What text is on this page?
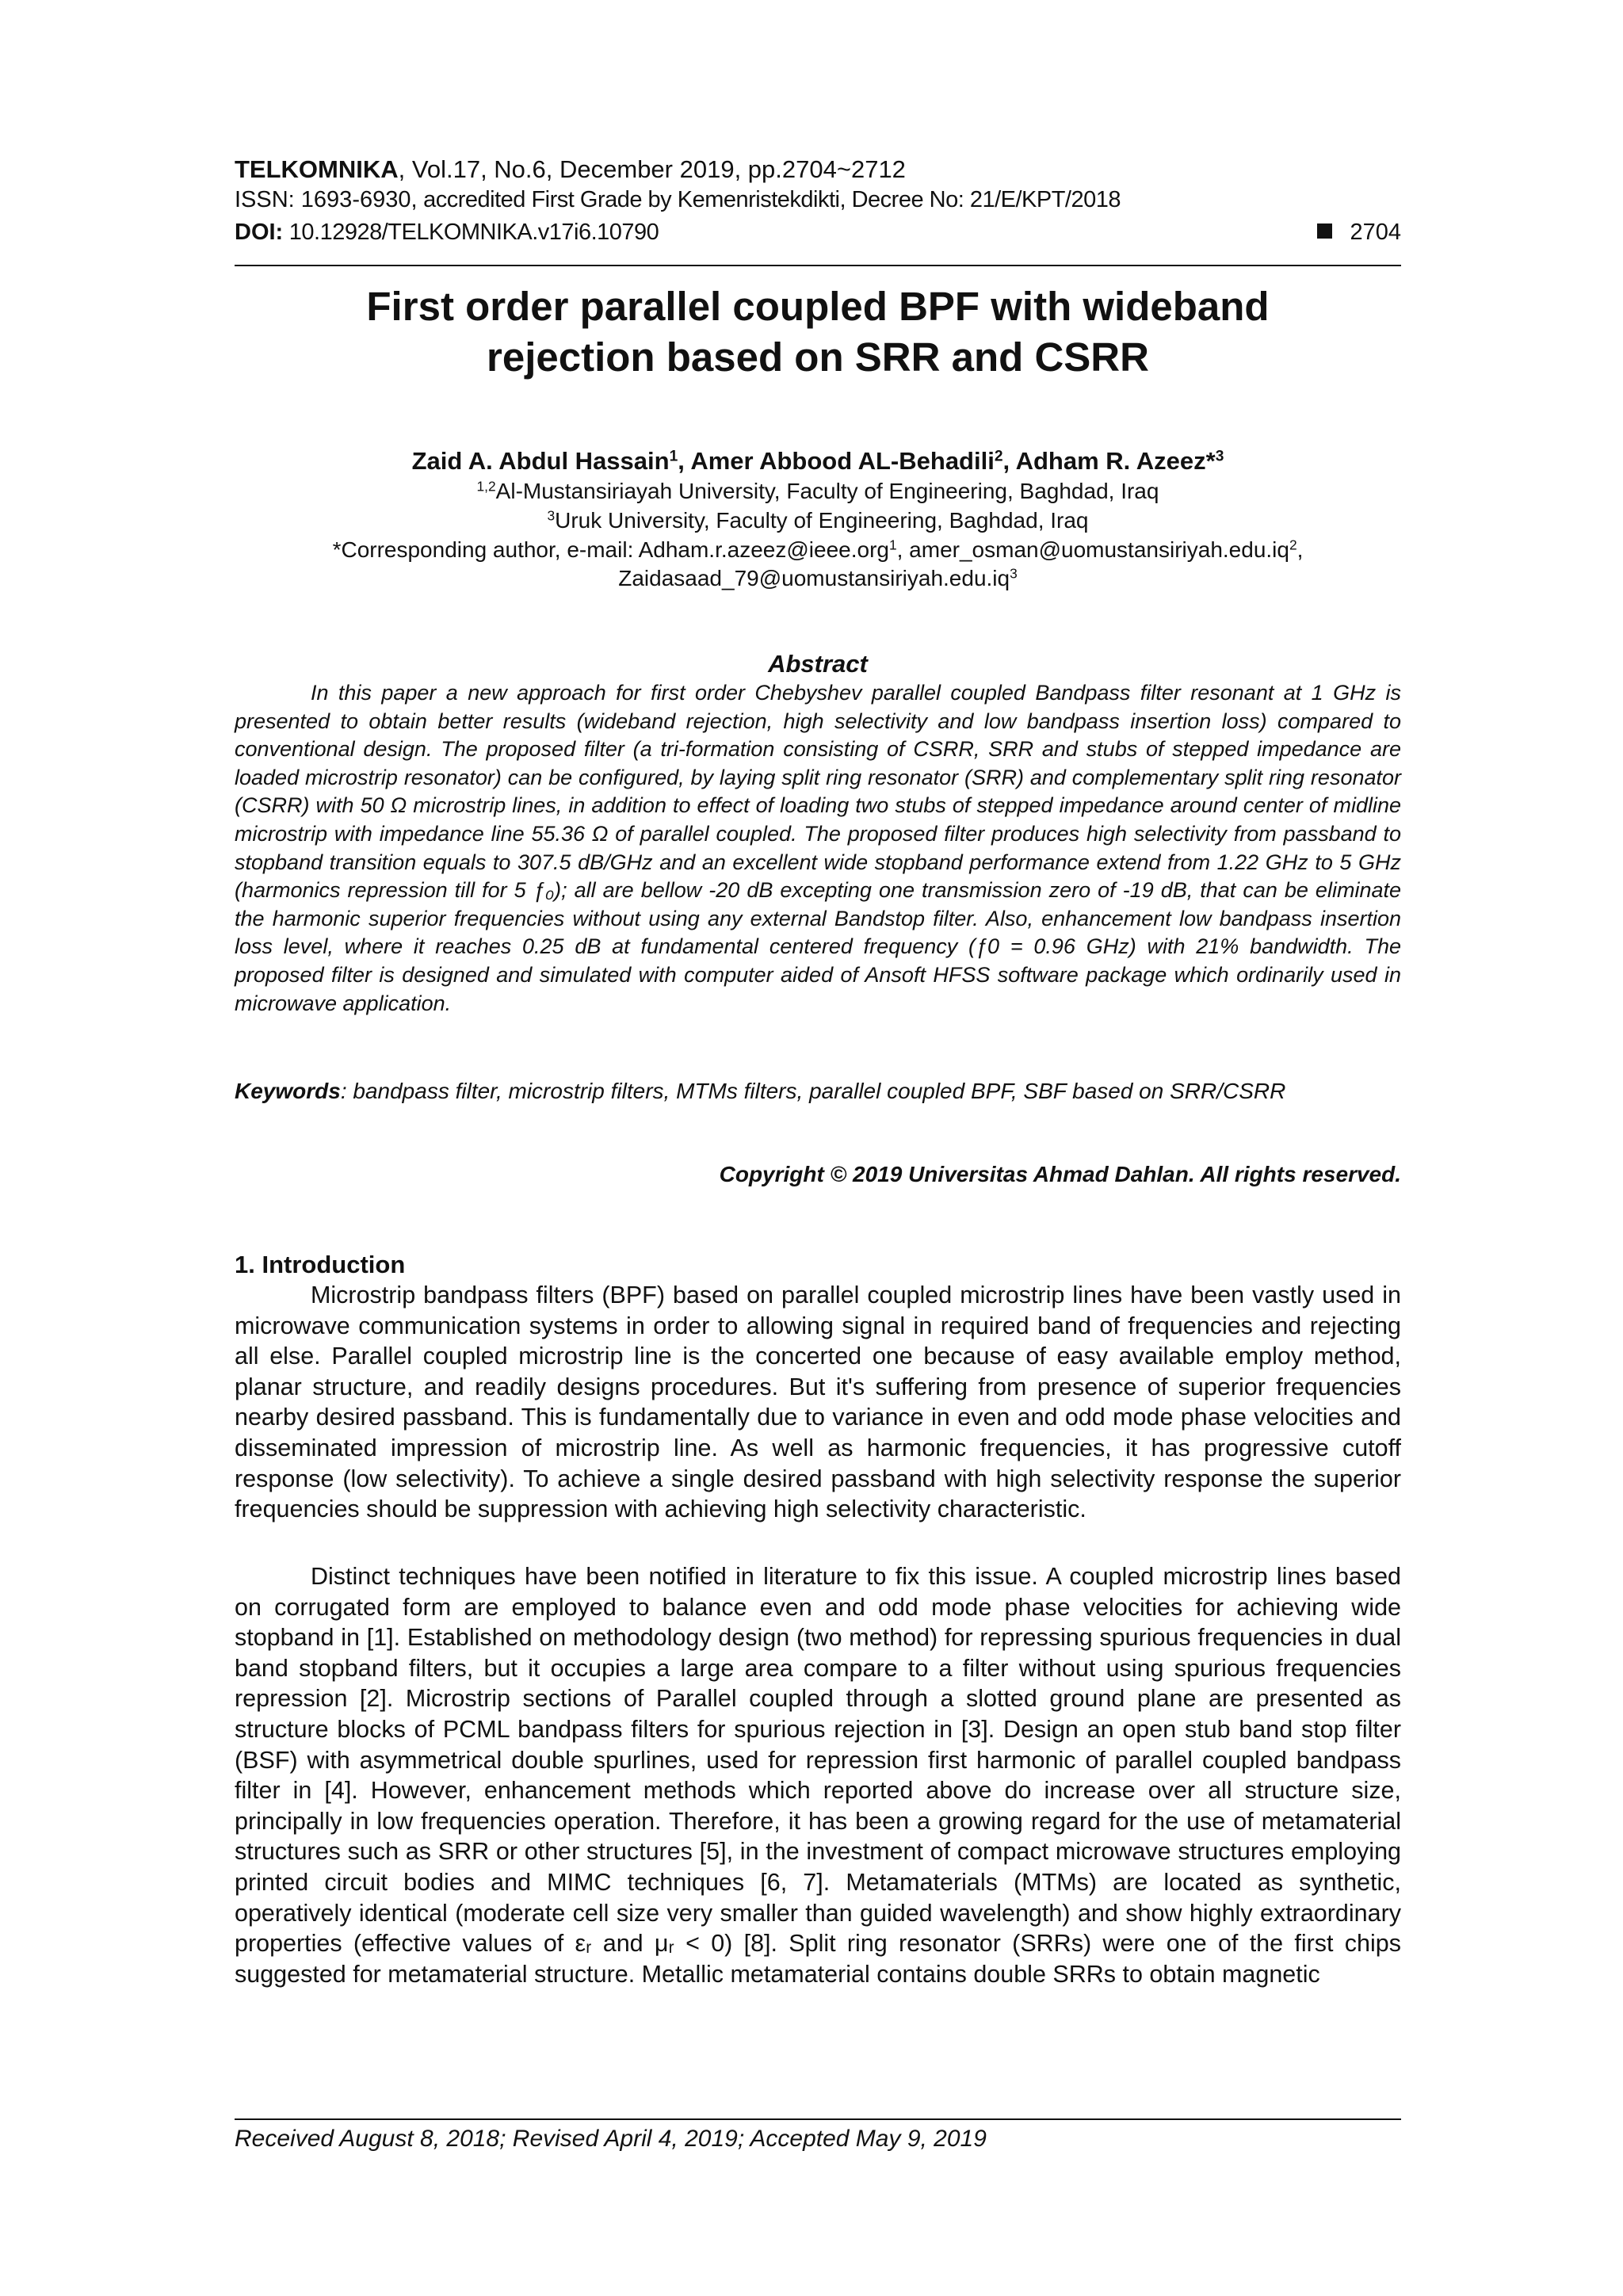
TELKOMNIKA, Vol.17, No.6, December 2019, pp.2704~2712
ISSN: 1693-6930, accredited First Grade by Kemenristekdikti, Decree No: 21/E/KPT/2018
DOI: 10.12928/TELKOMNIKA.v17i6.10790	2704
First order parallel coupled BPF with wideband
rejection based on SRR and CSRR
Zaid A. Abdul Hassain$^1$, Amer Abbood AL-Behadili$^2$, Adham R. Azeez*$^3$
$^{1,2}$Al-Mustansiriayah University, Faculty of Engineering, Baghdad, Iraq
$^3$Uruk University, Faculty of Engineering, Baghdad, Iraq
*Corresponding author, e-mail: Adham.r.azeez@ieee.org$^1$, $amer\_osman@uomustansiriyah.edu.iq^2$,
$Zaidasaad\_79@uomustansiriyah.edu.iq^3$
Abstract

In this paper a new approach for first order Chebyshev parallel coupled Bandpass filter resonant at 1 GHz is presented to obtain better results (wideband rejection, high selectivity and low bandpass insertion loss) compared to conventional design. The proposed filter (a tri-formation consisting of CSRR, SRR and stubs of stepped impedance are loaded microstrip resonator) can be configured, by laying split ring resonator (SRR) and complementary split ring resonator (CSRR) with 50 Ω microstrip lines, in addition to effect of loading two stubs of stepped impedance around center of midline microstrip with impedance line 55.36 Ω of parallel coupled. The proposed filter produces high selectivity from passband to stopband transition equals to 307.5 dB/GHz and an excellent wide stopband performance extend from 1.22 GHz to 5 GHz (harmonics repression till for 5 ƒ₀); all are bellow -20 dB excepting one transmission zero of -19 dB, that can be eliminate the harmonic superior frequencies without using any external Bandstop filter. Also, enhancement low bandpass insertion loss level, where it reaches 0.25 dB at fundamental centered frequency (ƒ0 = 0.96 GHz) with 21% bandwidth. The proposed filter is designed and simulated with computer aided of Ansoft HFSS software package which ordinarily used in microwave application.

Keywords: bandpass filter, microstrip filters, MTMs filters, parallel coupled BPF, SBF based on SRR/CSRR

Copyright © 2019 Universitas Ahmad Dahlan. All rights reserved.
1. Introduction

Microstrip bandpass filters (BPF) based on parallel coupled microstrip lines have been vastly used in microwave communication systems in order to allowing signal in required band of frequencies and rejecting all else. Parallel coupled microstrip line is the concerted one because of easy available employ method, planar structure, and readily designs procedures. But it's suffering from presence of superior frequencies nearby desired passband. This is fundamentally due to variance in even and odd mode phase velocities and disseminated impression of microstrip line. As well as harmonic frequencies, it has progressive cutoff response (low selectivity). To achieve a single desired passband with high selectivity response the superior frequencies should be suppression with achieving high selectivity characteristic.

Distinct techniques have been notified in literature to fix this issue. A coupled microstrip lines based on corrugated form are employed to balance even and odd mode phase velocities for achieving wide stopband in [1]. Established on methodology design (two method) for repressing spurious frequencies in dual band stopband filters, but it occupies a large area compare to a filter without using spurious frequencies repression [2]. Microstrip sections of Parallel coupled through a slotted ground plane are presented as structure blocks of PCML bandpass filters for spurious rejection in [3]. Design an open stub band stop filter (BSF) with asymmetrical double spurlines, used for repression first harmonic of parallel coupled bandpass filter in [4]. However, enhancement methods which reported above do increase over all structure size, principally in low frequencies operation. Therefore, it has been a growing regard for the use of metamaterial structures such as SRR or other structures [5], in the investment of compact microwave structures employing printed circuit bodies and MIMC techniques [6, 7]. Metamaterials (MTMs) are located as synthetic, operatively identical (moderate cell size very smaller than guided wavelength) and show highly extraordinary properties (effective values of εᵣ and μᵣ < 0) [8]. Split ring resonator (SRRs) were one of the first chips suggested for metamaterial structure. Metallic metamaterial contains double SRRs to obtain magnetic

Received August 8, 2018; Revised April 4, 2019; Accepted May 9, 2019
